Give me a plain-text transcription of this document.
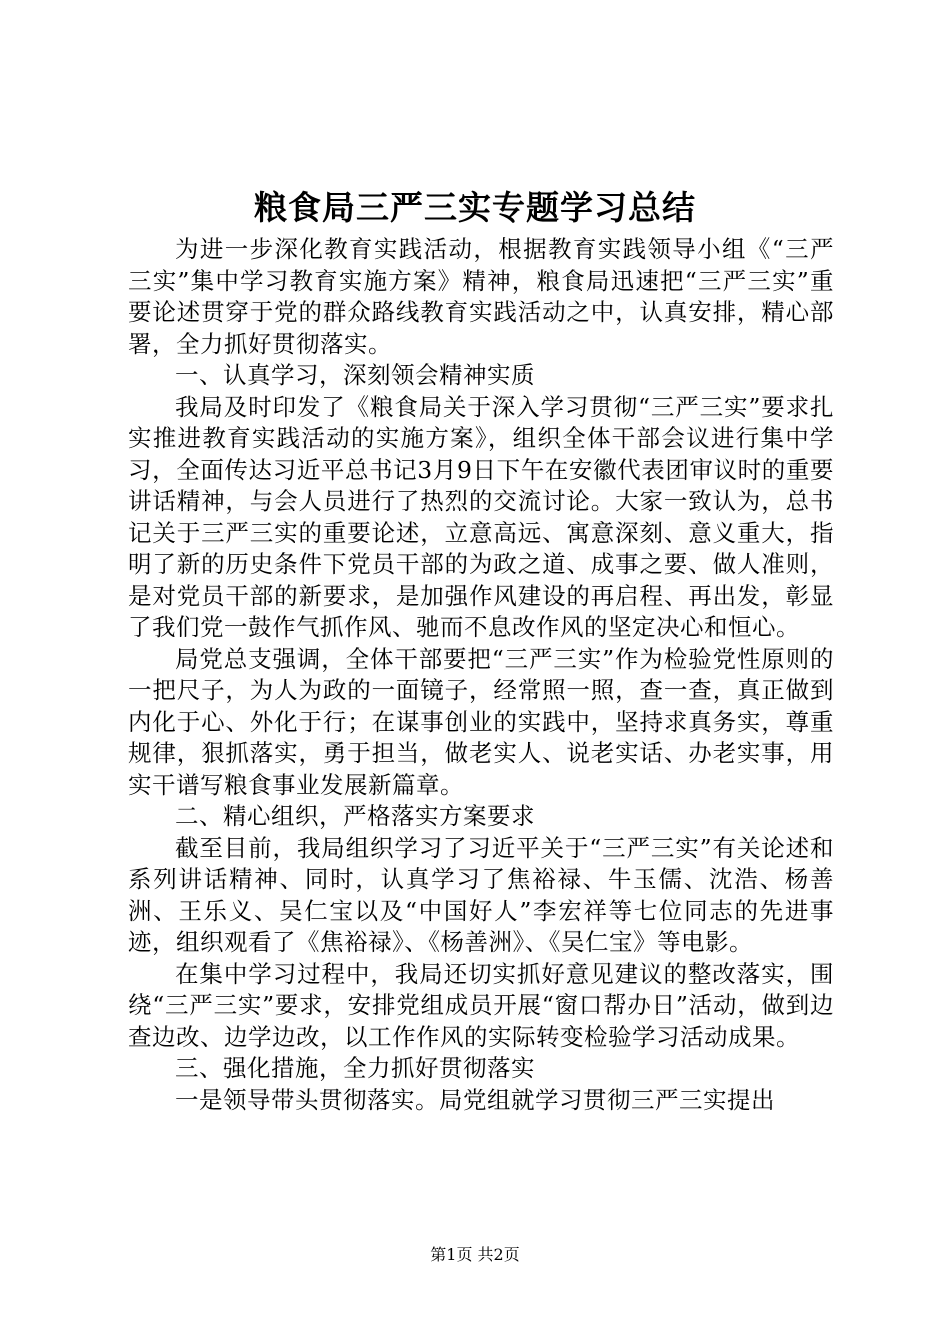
粮食局三严三实专题学习总结

为进一步深化教育实践活动，根据教育实践领导小组《“三严三实”集中学习教育实施方案》精神，粮食局迅速把“三严三实”重要论述贯穿于党的群众路线教育实践活动之中，认真安排，精心部署，全力抓好贯彻落实。

一、认真学习，深刻领会精神实质

我局及时印发了《粮食局关于深入学习贯彻“三严三实”要求扎实推进教育实践活动的实施方案》，组织全体干部会议进行集中学习，全面传达习近平总书记3月9日下午在安徽代表团审议时的重要讲话精神，与会人员进行了热烈的交流讨论。大家一致认为，总书记关于三严三实的重要论述，立意高远、寓意深刻、意义重大，指明了新的历史条件下党员干部的为政之道、成事之要、做人准则，是对党员干部的新要求，是加强作风建设的再启程、再出发，彰显了我们党一鼓作气抓作风、驰而不息改作风的坚定决心和恒心。

局党总支强调，全体干部要把“三严三实”作为检验党性原则的一把尺子，为人为政的一面镜子，经常照一照，查一查，真正做到内化于心、外化于行；在谋事创业的实践中，坚持求真务实，尊重规律，狠抓落实，勇于担当，做老实人、说老实话、办老实事，用实干谱写粮食事业发展新篇章。

二、精心组织，严格落实方案要求

截至目前，我局组织学习了习近平关于“三严三实”有关论述和系列讲话精神、同时，认真学习了焦裕禄、牛玉儒、沈浩、杨善洲、王乐义、吴仁宝以及“中国好人”李宏祥等七位同志的先进事迹，组织观看了《焦裕禄》、《杨善洲》、《吴仁宝》等电影。

在集中学习过程中，我局还切实抓好意见建议的整改落实，围绕“三严三实”要求，安排党组成员开展“窗口帮办日”活动，做到边查边改、边学边改，以工作作风的实际转变检验学习活动成果。

三、强化措施，全力抓好贯彻落实

一是领导带头贯彻落实。局党组就学习贯彻三严三实提出

第1页 共2页
